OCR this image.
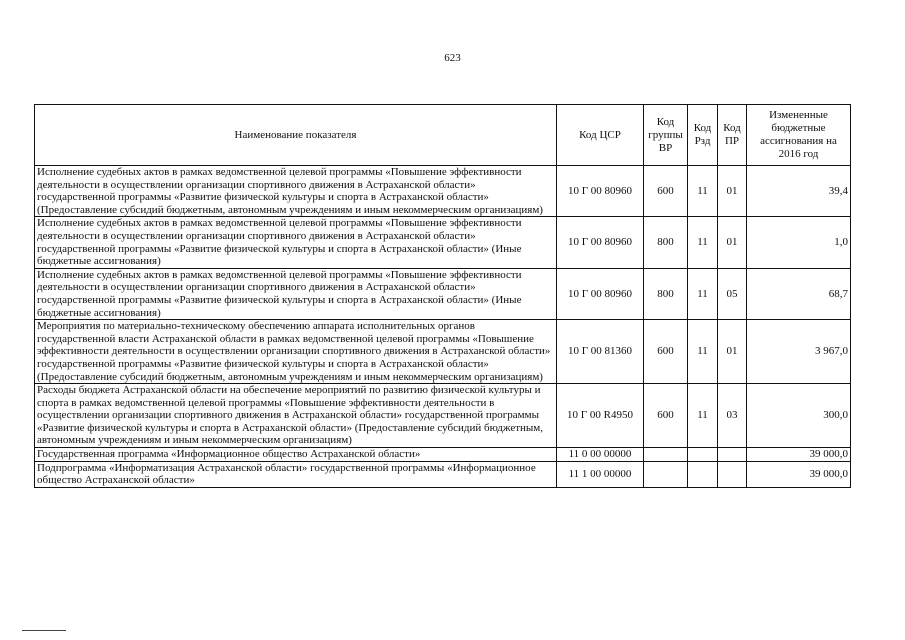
623
Наименование показателя	Код ЦСР	Код группы ВР	Код Рзд	Код ПР	Измененные бюджетные ассигнования на 2016 год
Исполнение судебных актов в рамках ведомственной целевой программы «Повышение эффективности деятельности в осуществлении организации спортивного движения в Астраханской области» государственной программы «Развитие физической культуры и спорта в Астраханской области» (Предоставление субсидий бюджетным, автономным учреждениям и иным некоммерческим организациям)	10 Г 00 80960	600	11	01	39,4
Исполнение судебных актов в рамках ведомственной целевой программы «Повышение эффективности деятельности в осуществлении организации спортивного движения в Астраханской области» государственной программы «Развитие физической культуры и спорта в Астраханской области» (Иные бюджетные ассигнования)	10 Г 00 80960	800	11	01	1,0
Исполнение судебных актов в рамках ведомственной целевой программы «Повышение эффективности деятельности в осуществлении организации спортивного движения в Астраханской области» государственной программы «Развитие физической культуры и спорта в Астраханской области» (Иные бюджетные ассигнования)	10 Г 00 80960	800	11	05	68,7
Мероприятия по материально-техническому обеспечению аппарата исполнительных органов государственной власти Астраханской области в рамках ведомственной целевой программы «Повышение эффективности деятельности в осуществлении организации спортивного движения в Астраханской области» государственной программы «Развитие физической культуры и спорта в Астраханской области» (Предоставление субсидий бюджетным, автономным учреждениям и иным некоммерческим организациям)	10 Г 00 81360	600	11	01	3 967,0
Расходы бюджета Астраханской области на обеспечение мероприятий по развитию физической культуры и спорта в рамках ведомственной целевой программы «Повышение эффективности деятельности в осуществлении организации спортивного движения в Астраханской области» государственной программы «Развитие физической культуры и спорта в Астраханской области» (Предоставление субсидий бюджетным, автономным учреждениям и иным некоммерческим организациям)	10 Г 00 R4950	600	11	03	300,0
Государственная программа «Информационное общество Астраханской области»	11 0 00 00000				39 000,0
Подпрограмма «Информатизация Астраханской области» государственной программы «Информационное общество Астраханской области»	11 1 00 00000				39 000,0
